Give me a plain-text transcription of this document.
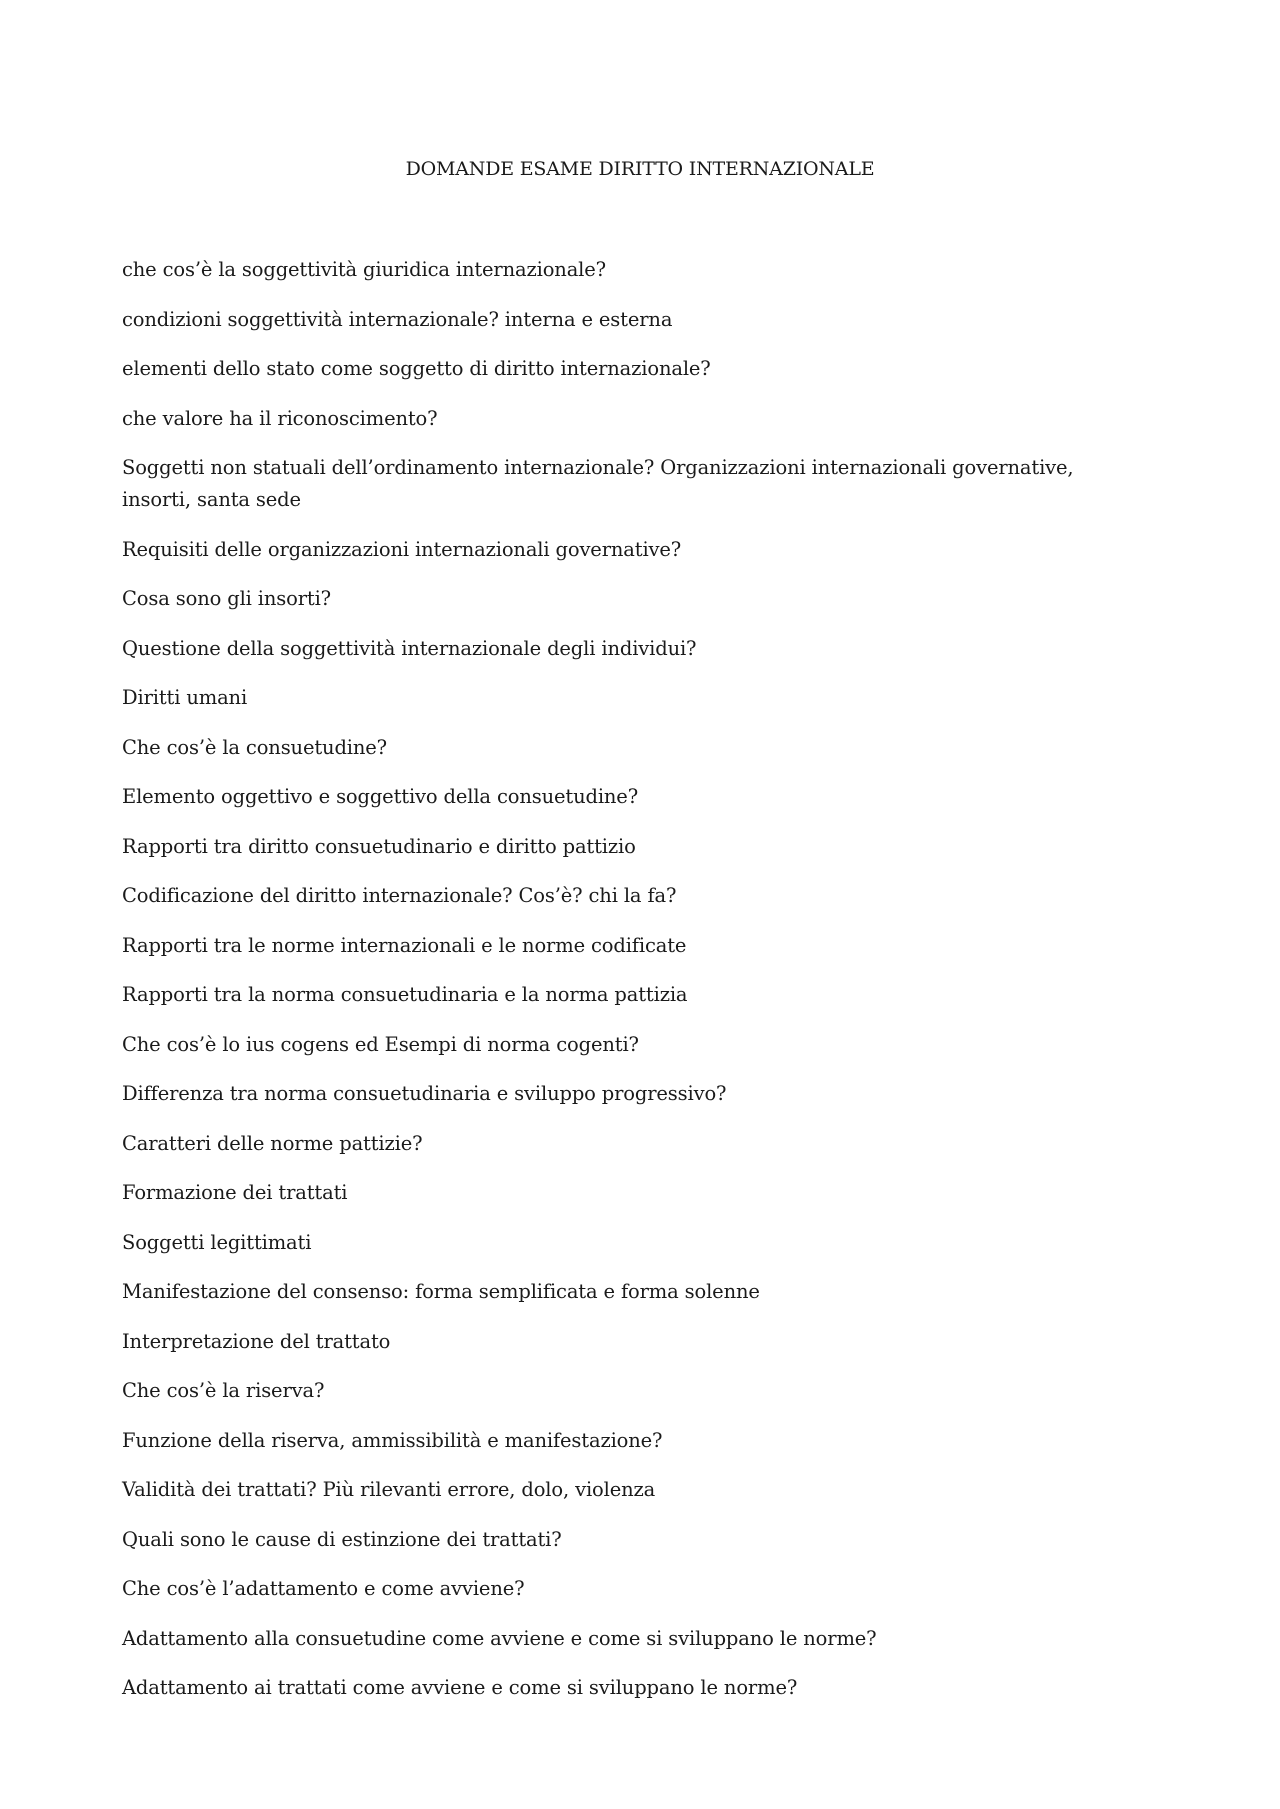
DOMANDE ESAME DIRITTO INTERNAZIONALE
che cos’è la soggettività giuridica internazionale?
condizioni soggettività internazionale? interna e esterna
elementi dello stato come soggetto di diritto internazionale?
che valore ha il riconoscimento?
Soggetti non statuali dell’ordinamento internazionale? Organizzazioni internazionali governative, insorti, santa sede
Requisiti delle organizzazioni internazionali governative?
Cosa sono gli insorti?
Questione della soggettività internazionale degli individui?
Diritti umani
Che cos’è la consuetudine?
Elemento oggettivo e soggettivo della consuetudine?
Rapporti tra diritto consuetudinario e diritto pattizio
Codificazione del diritto internazionale? Cos’è? chi la fa?
Rapporti tra le norme internazionali e le norme codificate
Rapporti tra la norma consuetudinaria e la norma pattizia
Che cos’è lo ius cogens ed Esempi di norma cogenti?
Differenza tra norma consuetudinaria e sviluppo progressivo?
Caratteri delle norme pattizie?
Formazione dei trattati
Soggetti legittimati
Manifestazione del consenso: forma semplificata e forma solenne
Interpretazione del trattato
Che cos’è la riserva?
Funzione della riserva, ammissibilità e manifestazione?
Validità dei trattati? Più rilevanti errore, dolo, violenza
Quali sono le cause di estinzione dei trattati?
Che cos’è l’adattamento e come avviene?
Adattamento alla consuetudine come avviene e come si sviluppano le norme?
Adattamento ai trattati come avviene e come si sviluppano le norme?
